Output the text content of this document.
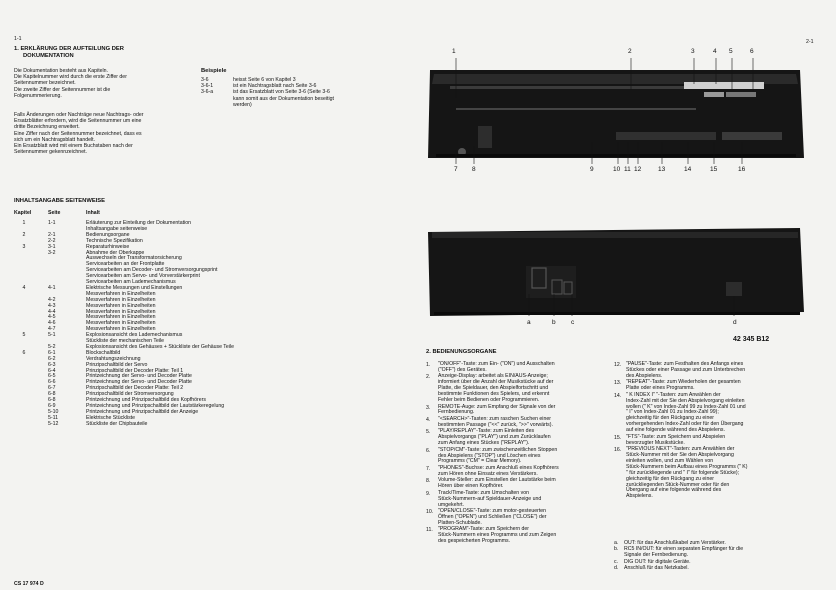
1-1	2-1
1. ERKLÄRUNG DER AUFTEILUNG DER
DOKUMENTATION
Die Dokumentation besteht aus Kapiteln.
Die Kapitelnummer wird durch die erste Ziffer der
Seitennummer bezeichnet.
Die zweite Ziffer der Seitennummer ist die
Folgenummerierung.
Falls Änderungen oder Nachträge neue Nachtrags- oder
Ersatzblätter erfordern, wird die Seitennummer um eine
dritte Bezeichnung erweitert.
Eine Ziffer nach der Seitennummer bezeichnet, dass es
sich um ein Nachtragsblatt handelt.
Ein Ersatzblatt wird mit einem Buchstaben nach der
Seitennummer gekennzeichnet.
Beispiele
3-6	heisst Seite 6 von Kapitel 3
3-6-1	ist ein Nachtragsblatt nach Seite 3-6
3-6-a	ist das Ersatzblatt von Seite 3-6 (Seite 3-6
kann somit aus der Dokumentation beseitigt
werden)
INHALTSANGABE SEITENWEISE
Kapitel	Seite	Inhalt
1	1-1	Erläuterung zur Einteilung der Dokumentation
Inhaltsangabe seitenweise
2	2-1	Bedienungsorgane
2-2	Technische Spezifikation
3	3-1	Reparaturhinweise
3-2	Abnahme der Oberkappe
Auswechseln der Transformatorsicherung
Servicearbeiten an der Frontplatte
Servicearbeiten am Decoder- und Stromversorgungsprint
Servicearbeiten am Servo- und Vorverstärkerprint
Servicearbeiten am Lademechanismus
4	4-1	Elektrische Messungen und Einstellungen
Messverfahren in Einzelheiten
4-2	Messverfahren in Einzelheiten
4-3	Messverfahren in Einzelheiten
4-4	Messverfahren in Einzelheiten
4-5	Messverfahren in Einzelheiten
4-6	Messverfahren in Einzelheiten
4-7	Messverfahren in Einzelheiten
5	5-1	Explosionsansicht des Lademechanismus
Stückliste der mechanischen Teile
5-2	Explosionsansicht des Gehäuses + Stückliste der Gehäuse Teile
6	6-1	Blockschaltbild
6-2	Verdrahtungszeichnung
6-3	Prinzipschaltbild der Servo
6-4	Prinzipschaltbild der Decoder Platte: Teil 1
6-5	Printzeichnung der Servo- und Decoder Platte
6-6	Printzeichnung der Servo- und Decoder Platte
6-7	Prinzipschaltbild der Decoder Platte: Teil 2
6-8	Prinzipschaltbild der Stromversorgung
6-8	Printzeichnung und Prinzipschaltbild des Kopfhörers
6-9	Printzeichnung und Prinzipschaltbild der Lautstärkeregelung
5-10	Printzeichnung und Prinzipschaltbild der Anzeige
5-11	Elektrische Stückliste
5-12	Stückliste der Chipbauteile
CS 17 974 D
1	2	3	4 5	6
7 8	9	10 11 12	13	14	15	16
a	b c	d
42 345 B12
2. BEDIENUNGSORGANE
1. "ON/OFF"-Taste: zum Ein- ("ON") und Ausschalten
("OFF") des Gerätes.
2. Anzeige-Display: arbeitet als EIN/AUS-Anzeige;
informiert über die Anzahl der Musikstücke auf der
Platte, die Spieldauer, den Abspielfortschritt und
bestimmte Funktionen des Spielers, und erkennt
Fehler beim Bedienen oder Programmieren.
3. REMOTE-Auge: zum Empfang der Signale von der
Fernbedienung.
4. "<SEARCH>"-Tasten: zum raschen Suchen einer
bestimmten Passage ("<<" zurück, ">>" vorwärts).
5. "PLAY/REPLAY"-Taste: zum Einleiten des
Abspielvorgangs ("PLAY") und zum Zurücklaufen
zum Anfang eines Stückes ("REPLAY").
6. "STOP/CM"-Taste: zum zwischenzeitlichen Stoppen
des Abspielens ("STOP") und Löschen eines
Programms ("CM" = Clear Memory).
7. "PHONES"-Buchse: zum Anschluß eines Kopfhörers
zum Hören ohne Einsatz eines Verstärkers.
8. Volume-Steller: zum Einstellen der Lautstärke beim
Hören über einen Kopfhörer.
9. Track/Time-Taste: zum Umschalten von
Stück-Nummern-auf Spieldauer-Anzeige und
umgekehrt.
10. "OPEN/CLOSE"-Taste: zum motor-gesteuerten
Öffnen ("OPEN") und Schließen ("CLOSE") der
Platten-Schublade.
11. "PROGRAM"-Taste: zum Speichern der
Stück-Nummern eines Programms und zum Zeigen
des gespeicherten Programms.
12. "PAUSE"-Taste: zum Festhalten des Anfangs eines
Stückes oder einer Passage und zum Unterbrechen
des Abspielens.
13. "REPEAT"-Taste: zum Wiederholen der gesamten
Platte oder eines Programms.
14. " K INDEX I" "-Tasten: zum Anwählen der
Index-Zahl mit der Sie den Abspielvorgang einleiten
wollen (" K" von Index-Zahl 99 zu Index-Zahl 01 und
" I" von Index-Zahl 01 zu Index-Zahl 99);
gleichzeitig für den Rückgang zu einer
vorhergehenden Index-Zahl oder für den Übergang
auf eine folgende während des Abspielens.
15. "FTS"-Taste: zum Speichern und Abspielen
bevorzugter Musikstücke.
16. "PREVIOUS NEXT"-Tasten: zum Anwählen der
Stück-Nummer mit der Sie den Abspielvorgang
einleiten wollen, und zum Wählen von
Stück-Nummern beim Aufbau eines Programms (" K)
" für zurückliegende und " I" für folgende Stücke);
gleichzeitig für den Rückgang zu einer
zurückliegenden Stück-Nummer oder für den
Übergang auf eine folgende während des
Abspielens.
a. OUT: für das Anschlußkabel zum Verstärker.
b. RC5 IN/OUT: für einen separaten Empfänger für die
Signale der Fernbedienung.
c. DIG OUT: für digitale Geräte.
d. Anschluß für das Netzkabel.
